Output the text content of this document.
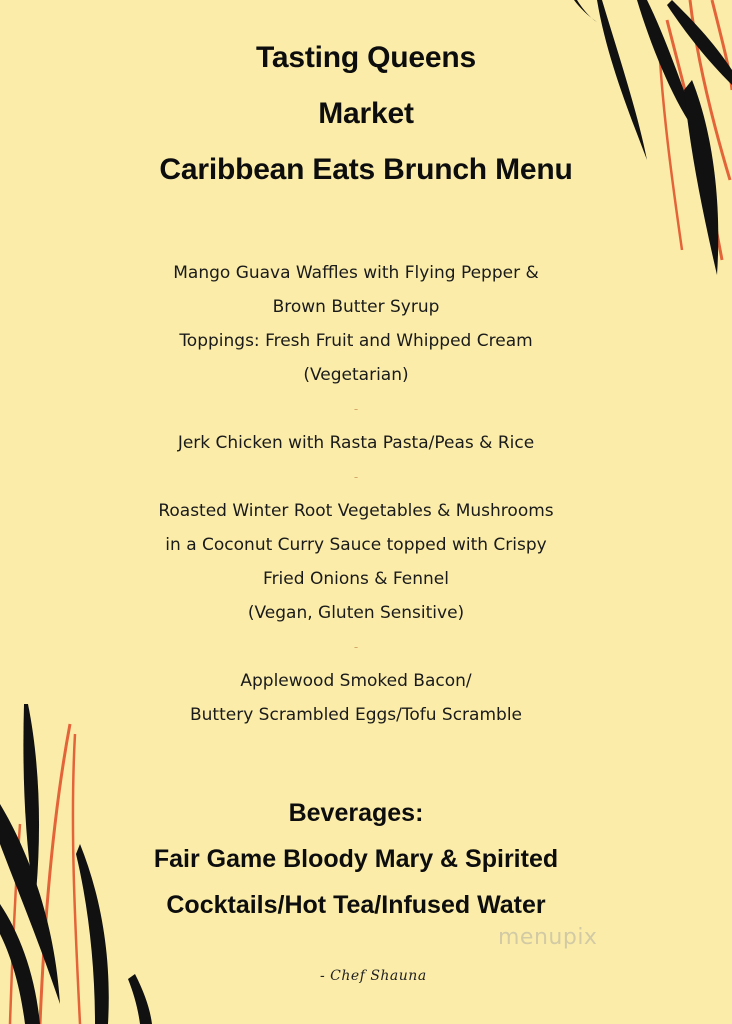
Tasting Queens
Market
Caribbean Eats Brunch Menu
Mango Guava Waffles with Flying Pepper &
Brown Butter Syrup
Toppings: Fresh Fruit and Whipped Cream
(Vegetarian)
-
Jerk Chicken with Rasta Pasta/Peas & Rice
-
Roasted Winter Root Vegetables & Mushrooms
in a Coconut Curry Sauce topped with Crispy
Fried Onions & Fennel
(Vegan, Gluten Sensitive)
-
Applewood Smoked Bacon/
Buttery Scrambled Eggs/Tofu Scramble
Beverages:
Fair Game Bloody Mary & Spirited
Cocktails/Hot Tea/Infused Water
menupix
- Chef Shauna
